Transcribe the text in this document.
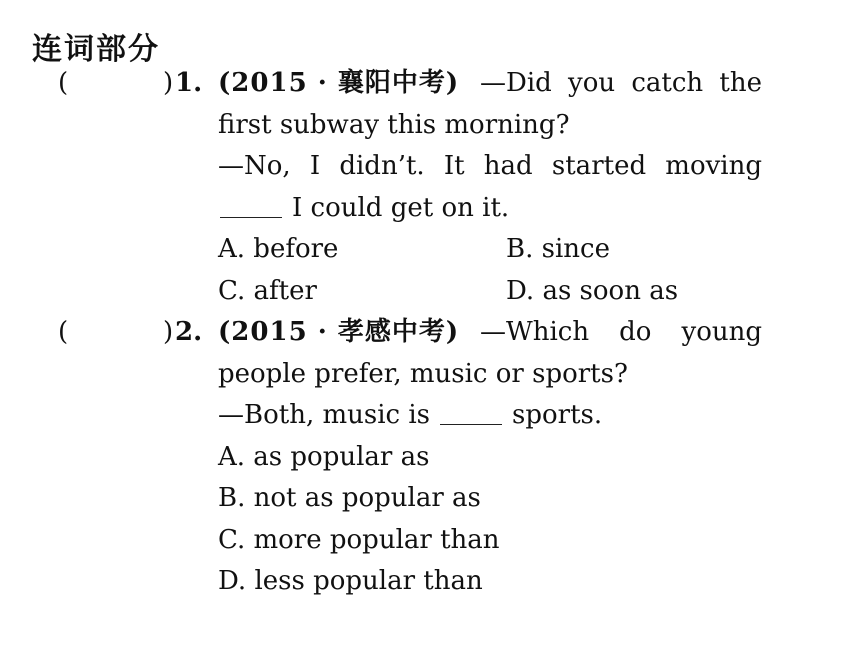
连词部分
(	) 1. (2015 · 襄阳中考) —Did you catch the
first subway this morning?
—No, I didn’t. It had started moving
I could get on it.
A. before	B. since
C. after	D. as soon as
(	) 2. (2015 · 孝感中考) —Which do young
people prefer, music or sports?
—Both, music is	sports.
A. as popular as
B. not as popular as
C. more popular than
D. less popular than
